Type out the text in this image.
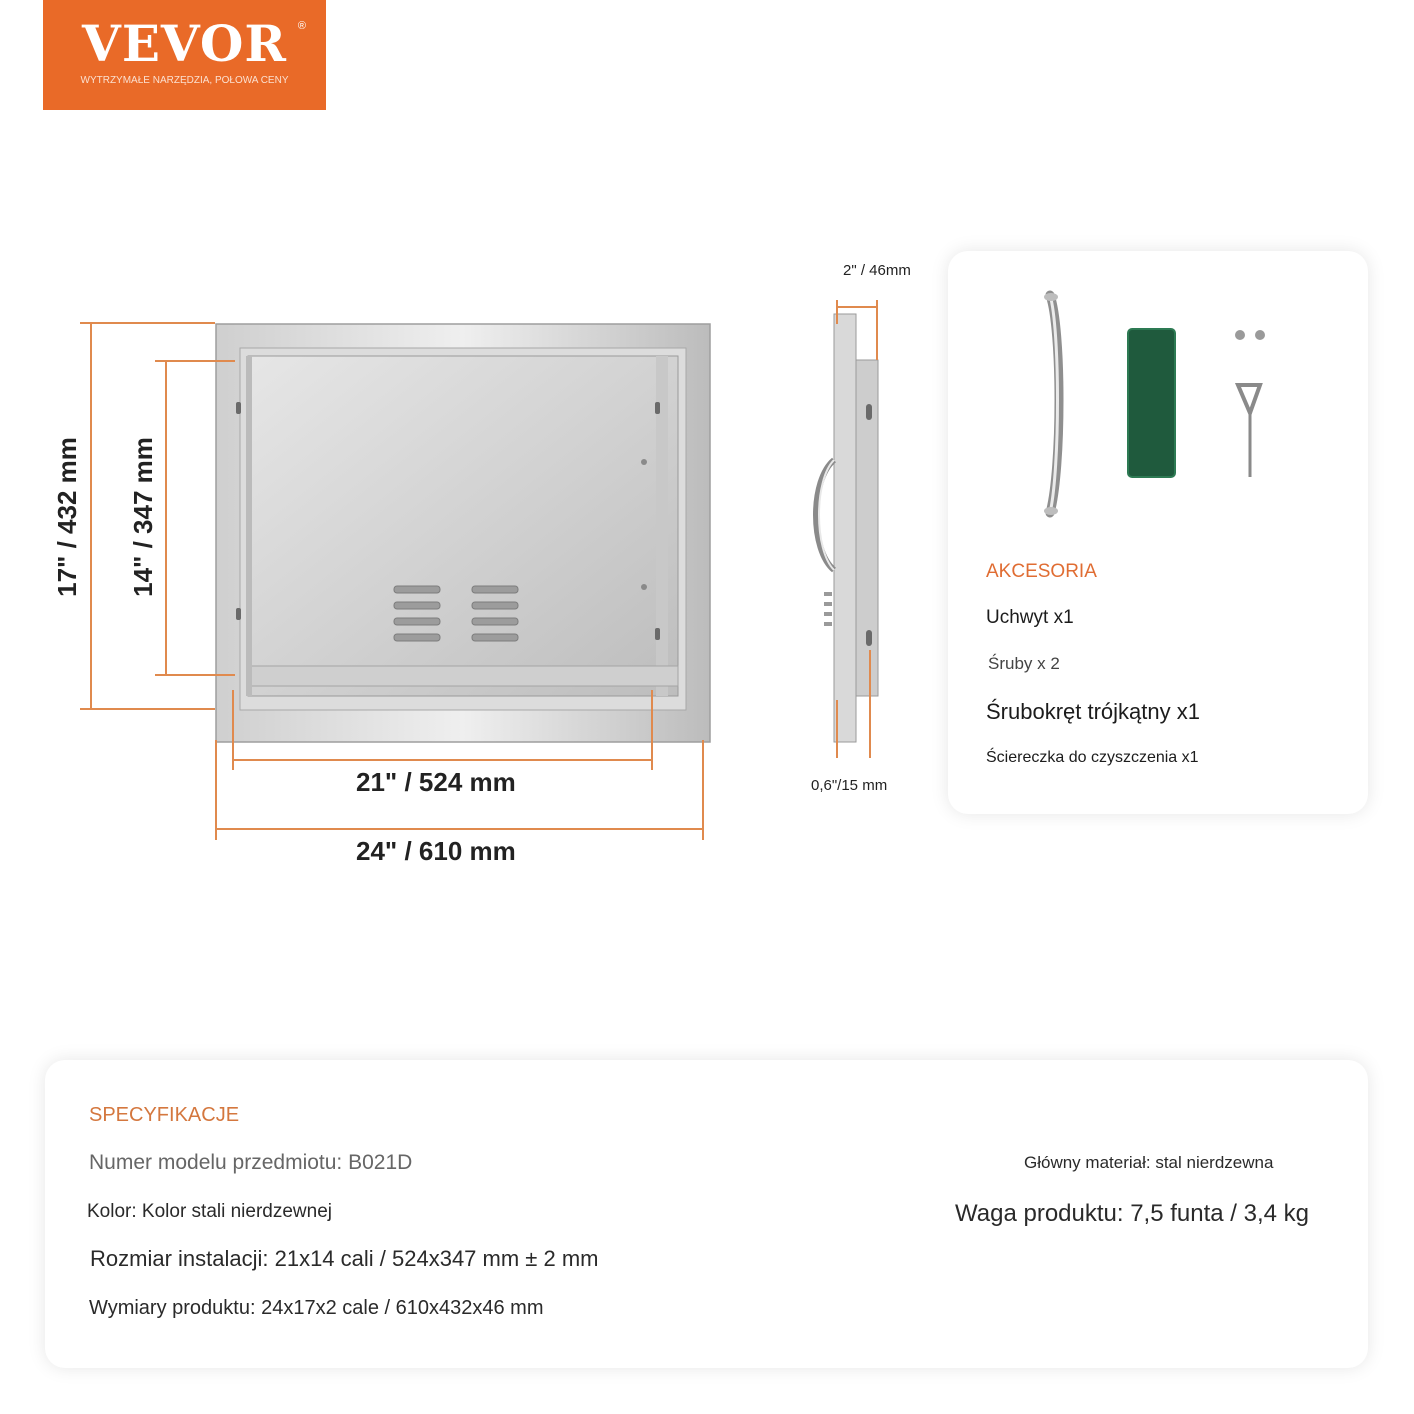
VEVOR ®
WYTRZYMAŁE NARZĘDZIA, POŁOWA CENY
17" / 432 mm 14" / 347 mm
21" / 524 mm
24" / 610 mm
2" / 46mm
0,6"/15 mm
AKCESORIA
Uchwyt x1
Śruby x 2
Śrubokręt trójkątny x1
Ściereczka do czyszczenia x1
SPECYFIKACJE
Numer modelu przedmiotu: B021D	Główny materiał: stal nierdzewna
Kolor: Kolor stali nierdzewnej	Waga produktu: 7,5 funta / 3,4 kg
Rozmiar instalacji: 21x14 cali / 524x347 mm ± 2 mm
Wymiary produktu: 24x17x2 cale / 610x432x46 mm
